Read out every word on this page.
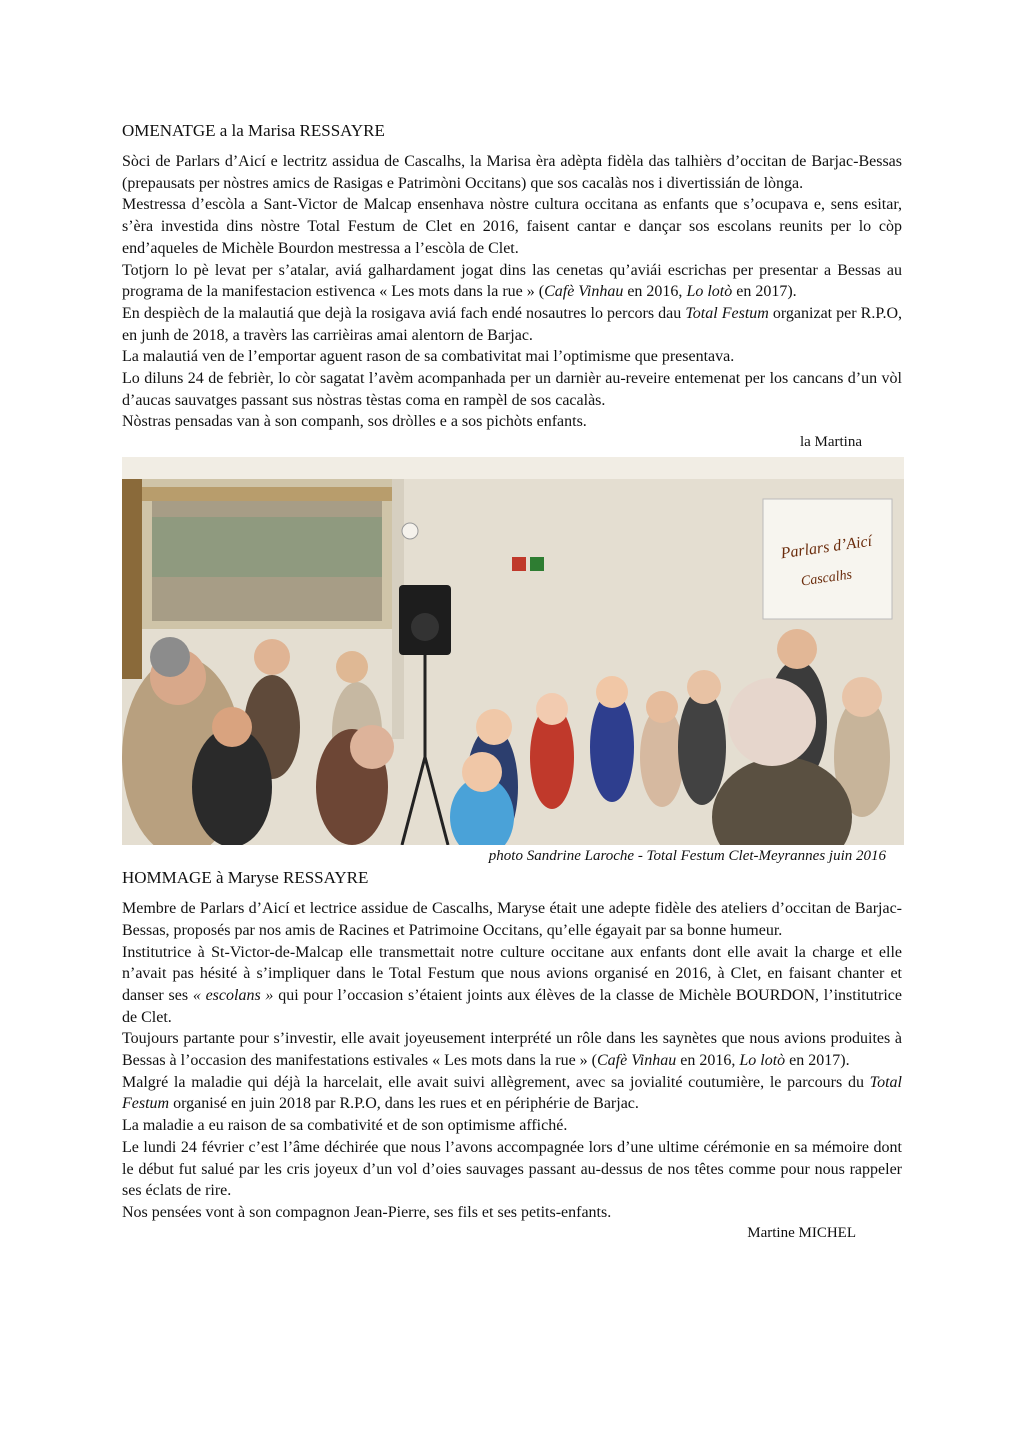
OMENATGE a la Marisa RESSAYRE

Sòci de Parlars d’Aicí e lectritz assidua de Cascalhs, la Marisa èra adèpta fidèla das talhièrs d’occitan de Barjac-Bessas (prepausats per nòstres amics de Rasigas e Patrimòni Occitans) que sos cacalàs nos i divertissián de lònga.

Mestressa d’escòla a Sant-Victor de Malcap ensenhava nòstre cultura occitana as enfants que s’ocupava e, sens esitar, s’èra investida dins nòstre Total Festum de Clet en 2016, faisent cantar e dançar sos escolans reunits per lo còp end’aqueles de Michèle Bourdon mestressa a l’escòla de Clet.

Totjorn lo pè levat per s’atalar, aviá galhardament jogat dins las cenetas qu’aviái escrichas per presentar a Bessas au programa de la manifestacion estivenca « Les mots dans la rue » (Cafè Vinhau en 2016, Lo lotò en 2017).

En despièch de la malautiá que dejà la rosigava aviá fach endé nosautres lo percors dau Total Festum organizat per R.P.O, en junh de 2018, a travèrs las carrièiras amai alentorn de Barjac.

La malautiá ven de l’emportar aguent rason de sa combativitat mai l’optimisme que presentava.

Lo diluns 24 de febrièr, lo còr sagatat l’avèm acompanhada per un darnièr au-reveire entemenat per los cancans d’un vòl d’aucas sauvatges passant sus nòstras tèstas coma en rampèl de sos cacalàs.

Nòstras pensadas van à son companh, sos dròlles e a sos pichòts enfants.

la Martina

Parlars d’Aicí
Cascalhs

photo Sandrine Laroche - Total Festum Clet-Meyrannes juin 2016

HOMMAGE à Maryse RESSAYRE

Membre de Parlars d’Aicí et lectrice assidue de Cascalhs, Maryse était une adepte fidèle des ateliers d’occitan de Barjac-Bessas, proposés par nos amis de Racines et Patrimoine Occitans, qu’elle égayait par sa bonne humeur.

Institutrice à St-Victor-de-Malcap elle transmettait notre culture occitane aux enfants dont elle avait la charge et elle n’avait pas hésité à s’impliquer dans le Total Festum que nous avions organisé en 2016, à Clet, en faisant chanter et danser ses « escolans » qui pour l’occasion s’étaient joints aux élèves de la classe de Michèle BOURDON, l’institutrice de Clet.

Toujours partante pour s’investir, elle avait joyeusement interprété un rôle dans les saynètes que nous avions produites à Bessas à l’occasion des manifestations estivales « Les mots dans la rue » (Cafè Vinhau en 2016, Lo lotò en 2017).

Malgré la maladie qui déjà la harcelait, elle avait suivi allègrement, avec sa jovialité coutumière, le parcours du Total Festum organisé en juin 2018 par R.P.O, dans les rues et en périphérie de Barjac.

La maladie a eu raison de sa combativité et de son optimisme affiché.

Le lundi 24 février c’est l’âme déchirée que nous l’avons accompagnée lors d’une ultime cérémonie en sa mémoire dont le début fut salué par les cris joyeux d’un vol d’oies sauvages passant au-dessus de nos têtes comme pour nous rappeler ses éclats de rire.

Nos pensées vont à son compagnon Jean-Pierre, ses fils et ses petits-enfants.

Martine MICHEL
